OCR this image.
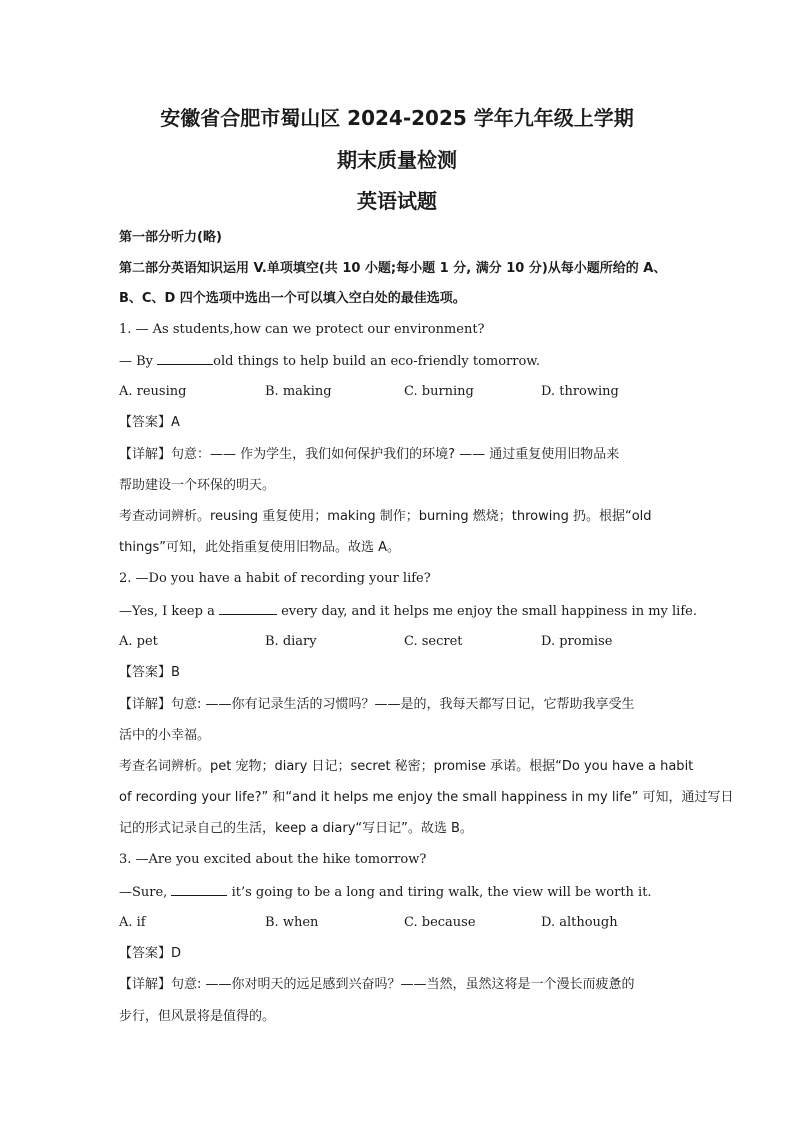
安徽省合肥市蜀山区 2024-2025 学年九年级上学期
期末质量检测
英语试题
第一部分听力(略)
第二部分英语知识运用 V.单项填空(共 10 小题;每小题 1 分, 满分 10 分)从每小题所给的 A、
B、C、D 四个选项中选出一个可以填入空白处的最佳选项。
1. — As students,how can we protect our environment?
— By	old things to help build an eco-friendly tomorrow.
A. reusing	B. making	C. burning	D. throwing
【答案】A
【详解】句意：—— 作为学生，我们如何保护我们的环境? —— 通过重复使用旧物品来
帮助建设一个环保的明天。
考查动词辨析。reusing 重复使用；making 制作；burning 燃烧；throwing 扔。根据“old
things”可知，此处指重复使用旧物品。故选 A。
2. —Do you have a habit of recording your life?
—Yes, I keep a	every day, and it helps me enjoy the small happiness in my life.
A. pet	B. diary	C. secret	D. promise
【答案】B
【详解】句意: ——你有记录生活的习惯吗？——是的，我每天都写日记，它帮助我享受生
活中的小幸福。
考查名词辨析。pet 宠物；diary 日记；secret 秘密；promise 承诺。根据“Do you have a habit
of recording your life?” 和“and it helps me enjoy the small happiness in my life” 可知，通过写日
记的形式记录自己的生活，keep a diary“写日记”。故选 B。
3. —Are you excited about the hike tomorrow?
—Sure,	it’s going to be a long and tiring walk, the view will be worth it.
A. if	B. when	C. because	D. although
【答案】D
【详解】句意: ——你对明天的远足感到兴奋吗？——当然，虽然这将是一个漫长而疲惫的
步行，但风景将是值得的。
